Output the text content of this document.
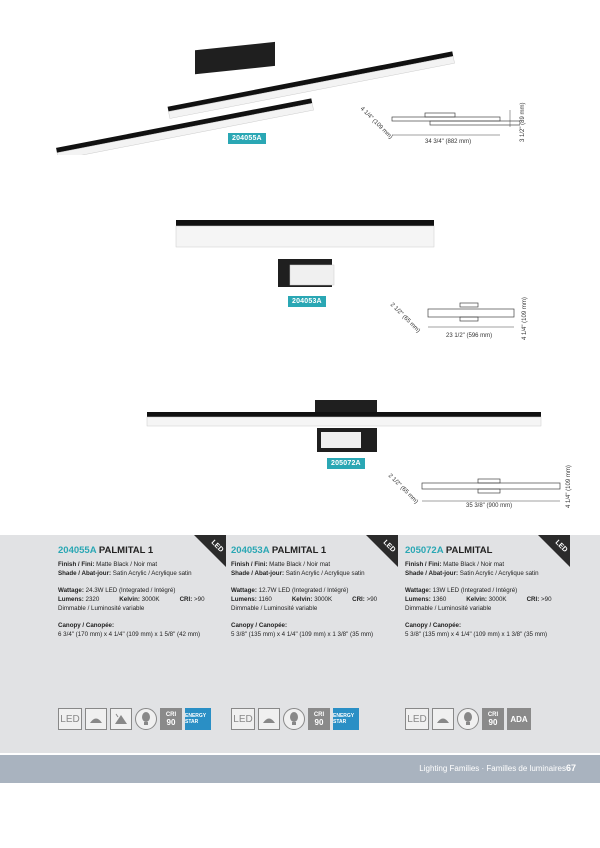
204055A	4 1/4" (109 mm)
34 3/4" (882 mm)	3 1/2" (89 mm)
204053A
2 1/2" (65 mm)
23 1/2" (596 mm)	4 1/4" (109 mm)
205072A
2 1/2" (65 mm)
35 3/8" (900 mm)	4 1/4" (109 mm)
LED	LED	LED
204055A PALMITAL 1
Finish / Fini: Matte Black / Noir mat
Shade / Abat-jour: Satin Acrylic / Acrylique satin
Wattage: 24.3W LED (Integrated / Intégré)
Lumens: 2320	Kelvin: 3000K	CRI: >90
Dimmable / Luminosité variable
Canopy / Canopée:
6 3/4" (170 mm) x 4 1/4" (109 mm) x 1 5/8" (42 mm)
204053A PALMITAL 1
Finish / Fini: Matte Black / Noir mat
Shade / Abat-jour: Satin Acrylic / Acrylique satin
Wattage: 12.7W LED (Integrated / Intégré)
Lumens: 1160	Kelvin: 3000K	CRI: >90
Dimmable / Luminosité variable
Canopy / Canopée:
5 3/8" (135 mm) x 4 1/4" (109 mm) x 1 3/8" (35 mm)
205072A PALMITAL
Finish / Fini: Matte Black / Noir mat
Shade / Abat-jour: Satin Acrylic / Acrylique satin
Wattage: 13W LED (Integrated / Intégré)
Lumens: 1360	Kelvin: 3000K	CRI: >90
Dimmable / Luminosité variable
Canopy / Canopée:
5 3/8" (135 mm) x 4 1/4" (109 mm) x 1 3/8" (35 mm)
LED	CRI
90
ENERGY STAR	LED	CRI
90
ENERGY STAR	LED	CRI
90	ADA
Lighting Families · Familles de luminaires 67
